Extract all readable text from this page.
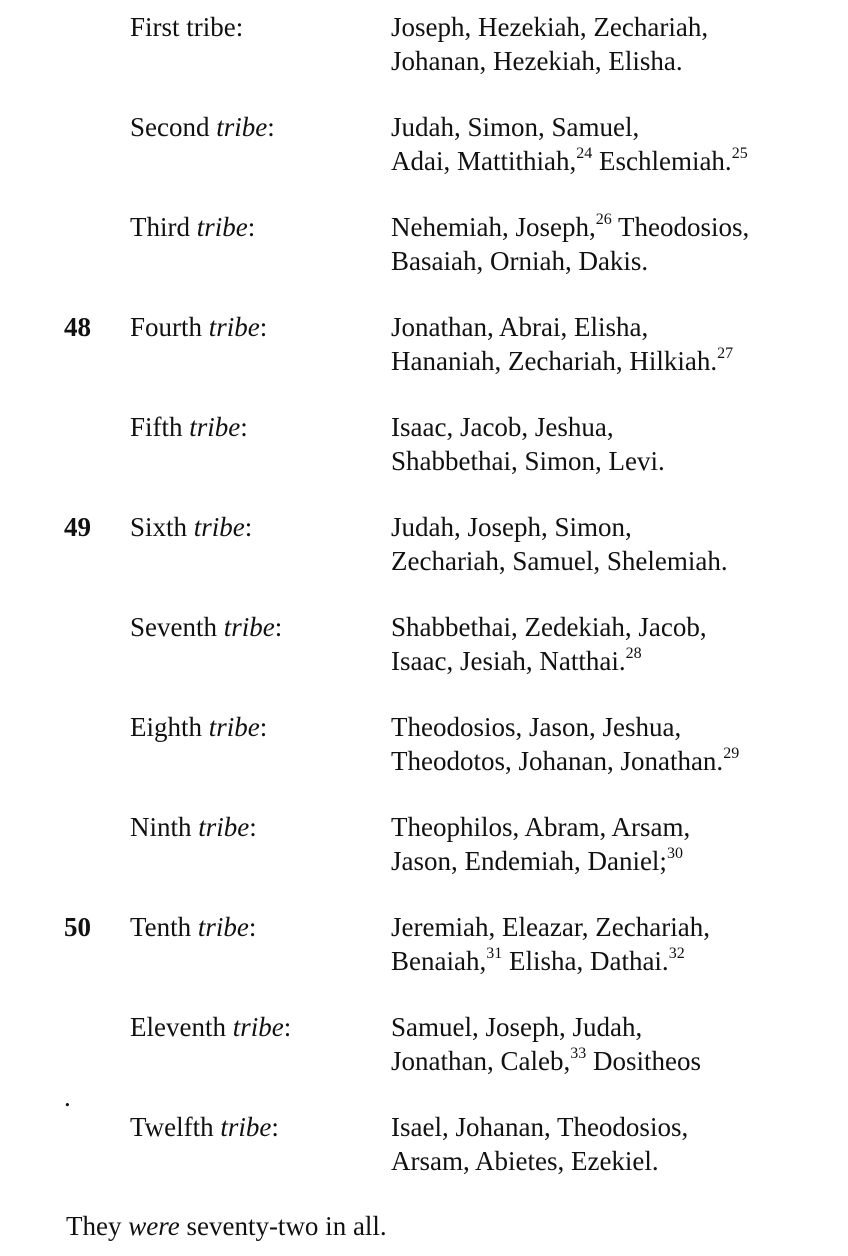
First tribe:	Joseph, Hezekiah, Zechariah,
Johanan, Hezekiah, Elisha.
Second tribe:	Judah, Simon, Samuel,
Adai, Mattithiah,$^{24}$ Eschlemiah.$^{25}$
Third tribe:	Nehemiah, Joseph,$^{26}$ Theodosios,
Basaiah, Orniah, Dakis.
48 Fourth tribe:	Jonathan, Abrai, Elisha,
Hananiah, Zechariah, Hilkiah.$^{27}$
Fifth tribe:	Isaac, Jacob, Jeshua,
Shabbethai, Simon, Levi.
49 Sixth tribe:	Judah, Joseph, Simon,
Zechariah, Samuel, Shelemiah.
Seventh tribe:	Shabbethai, Zedekiah, Jacob,
Isaac, Jesiah, Natthai.$^{28}$
Eighth tribe:	Theodosios, Jason, Jeshua,
Theodotos, Johanan, Jonathan.$^{29}$
Ninth tribe:	Theophilos, Abram, Arsam,
Jason, Endemiah, Daniel;$^{30}$
50 Tenth tribe:	Jeremiah, Eleazar, Zechariah,
Benaiah,$^{31}$ Elisha, Dathai.$^{32}$
Eleventh tribe:	Samuel, Joseph, Judah,
Jonathan, Caleb,$^{33}$ Dositheos
Twelfth tribe:	Isael, Johanan, Theodosios,
Arsam, Abietes, Ezekiel.
.
They were seventy-two in all.
